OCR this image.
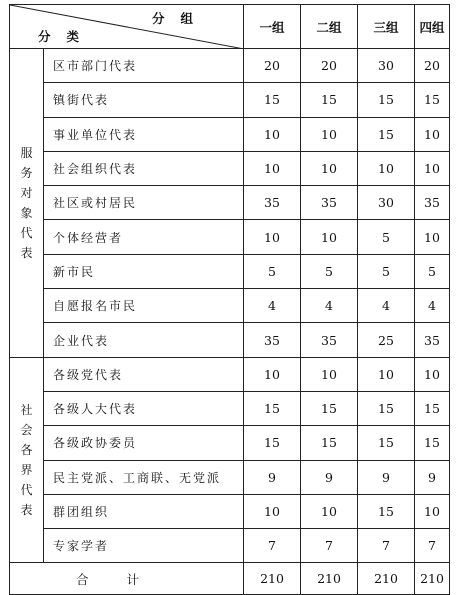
分组
分类		一组	二组	三组	四组
服务对象代表	区市部门代表	20	20	30	20
	镇街代表	15	15	15	15
	事业单位代表	10	10	15	10
	社会组织代表	10	10	10	10
	社区或村居民	35	35	30	35
	个体经营者	10	10	5	10
	新市民	5	5	5	5
	自愿报名市民	4	4	4	4
	企业代表	35	35	25	35
社会各界代表	各级党代表	10	10	10	10
	各级人大代表	15	15	15	15
	各级政协委员	15	15	15	15
	民主党派、工商联、无党派	9	9	9	9
	群团组织	10	10	15	10
	专家学者	7	7	7	7
合计		210	210	210	210
